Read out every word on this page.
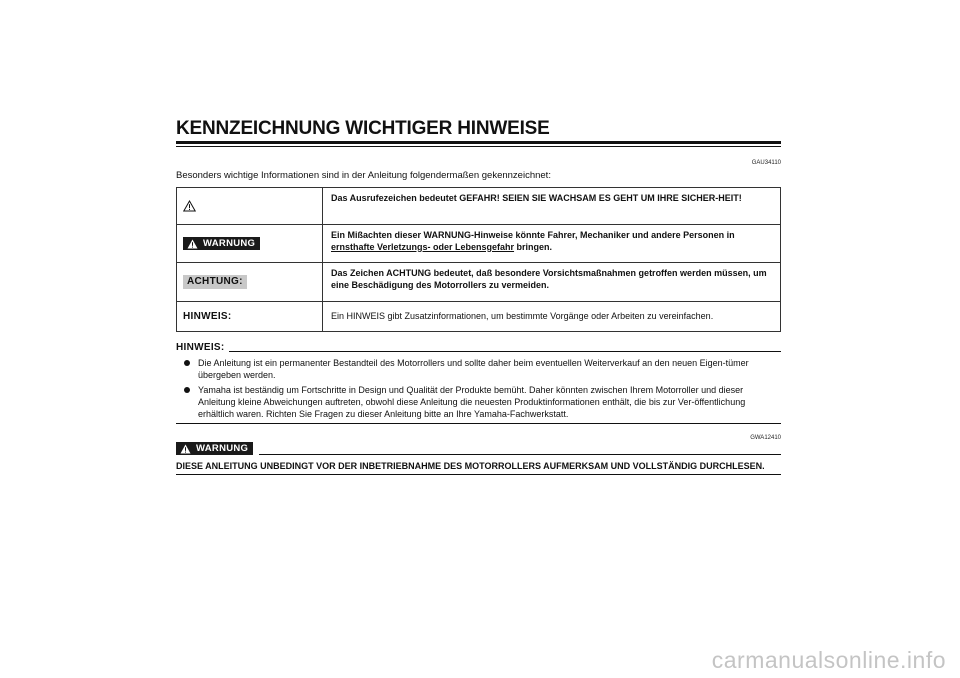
KENNZEICHNUNG WICHTIGER HINWEISE
GAU34110
Besonders wichtige Informationen sind in der Anleitung folgendermaßen gekennzeichnet:
Das Ausrufezeichen bedeutet GEFAHR! SEIEN SIE WACHSAM ES GEHT UM IHRE SICHER-HEIT!
WARNUNG
Ein Mißachten dieser WARNUNG-Hinweise könnte Fahrer, Mechaniker und andere Personen in ernsthafte Verletzungs- oder Lebensgefahr bringen.
ACHTUNG:
Das Zeichen ACHTUNG bedeutet, daß besondere Vorsichtsmaßnahmen getroffen werden müssen, um eine Beschädigung des Motorrollers zu vermeiden.
HINWEIS:	Ein HINWEIS gibt Zusatzinformationen, um bestimmte Vorgänge oder Arbeiten zu vereinfachen.
HINWEIS:
Die Anleitung ist ein permanenter Bestandteil des Motorrollers und sollte daher beim eventuellen Weiterverkauf an den neuen Eigen-tümer übergeben werden.
Yamaha ist beständig um Fortschritte in Design und Qualität der Produkte bemüht. Daher könnten zwischen Ihrem Motorroller und dieser Anleitung kleine Abweichungen auftreten, obwohl diese Anleitung die neuesten Produktinformationen enthält, die bis zur Ver-öffentlichung erhältlich waren. Richten Sie Fragen zu dieser Anleitung bitte an Ihre Yamaha-Fachwerkstatt.
GWA12410
WARNUNG
DIESE ANLEITUNG UNBEDINGT VOR DER INBETRIEBNAHME DES MOTORROLLERS AUFMERKSAM UND VOLLSTÄNDIG DURCHLESEN.
carmanualsonline.info
